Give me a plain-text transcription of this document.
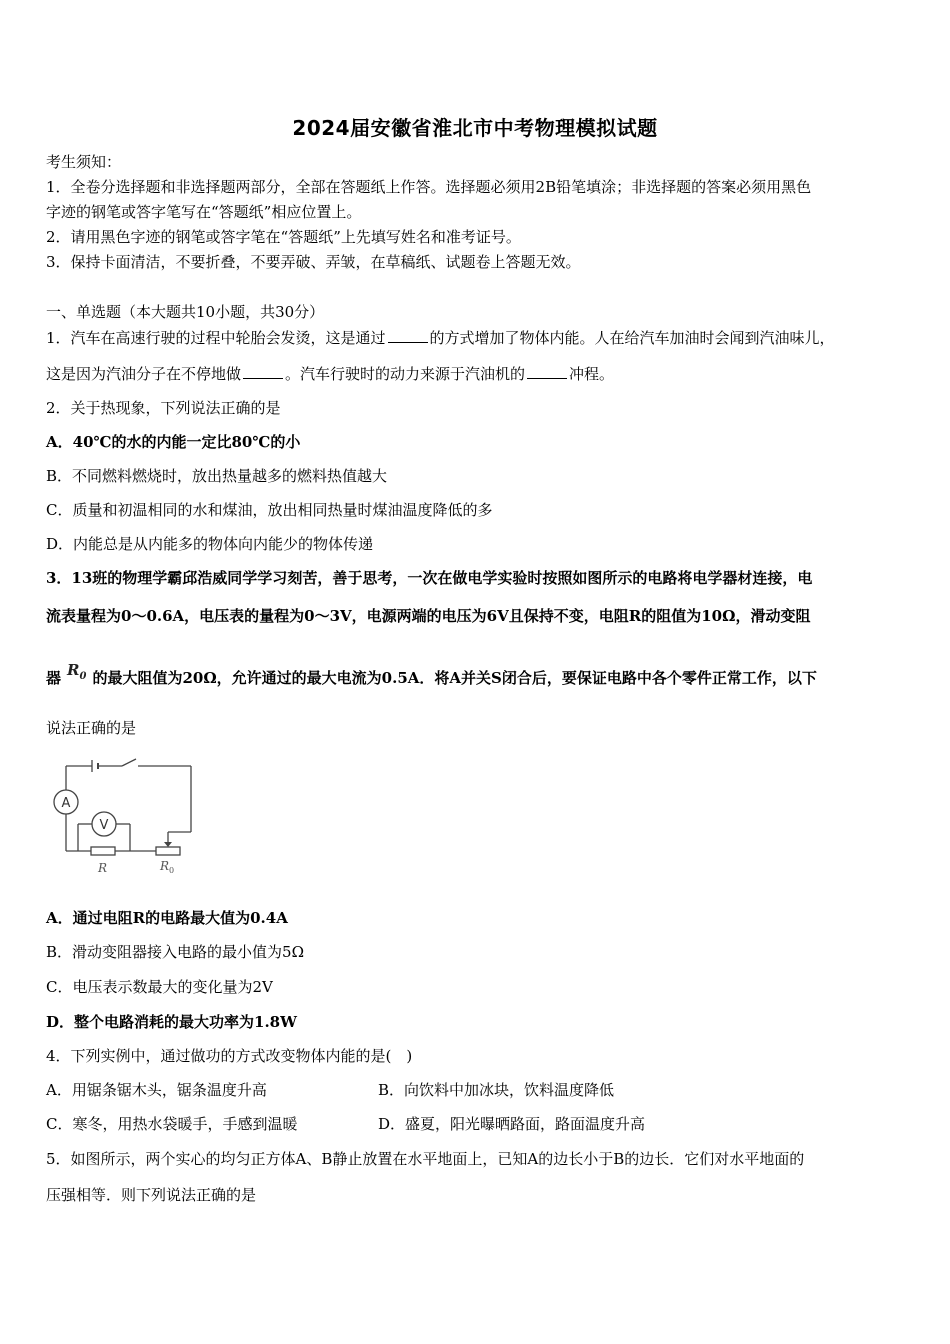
2024届安徽省淮北市中考物理模拟试题
考生须知：
1．全卷分选择题和非选择题两部分，全部在答题纸上作答。选择题必须用2B铅笔填涂；非选择题的答案必须用黑色
字迹的钢笔或答字笔写在“答题纸”相应位置上。
2．请用黑色字迹的钢笔或答字笔在“答题纸”上先填写姓名和准考证号。
3．保持卡面清洁，不要折叠，不要弄破、弄皱，在草稿纸、试题卷上答题无效。
一、单选题（本大题共10小题，共30分）
1．汽车在高速行驶的过程中轮胎会发烫，这是通过	的方式增加了物体内能。人在给汽车加油时会闻到汽油味儿，
这是因为汽油分子在不停地做	。汽车行驶时的动力来源于汽油机的	冲程。
2．关于热现象，下列说法正确的是
A．40℃的水的内能一定比80℃的小
B．不同燃料燃烧时，放出热量越多的燃料热值越大
C．质量和初温相同的水和煤油，放出相同热量时煤油温度降低的多
D．内能总是从内能多的物体向内能少的物体传递
3．13班的物理学霸邱浩威同学学习刻苦，善于思考，一次在做电学实验时按照如图所示的电路将电学器材连接，电
流表量程为0～0.6A，电压表的量程为0～3V，电源两端的电压为6V且保持不变，电阻R的阻值为10Ω，滑动变阻
器 $R_0$ 的最大阻值为20Ω，允许通过的最大电流为0.5A．将A并关S闭合后，要保证电路中各个零件正常工作，以下
说法正确的是
A
V
R	R 0
A．通过电阻R的电路最大值为0.4A
B．滑动变阻器接入电路的最小值为5Ω
C．电压表示数最大的变化量为2V
D．整个电路消耗的最大功率为1.8W
4．下列实例中，通过做功的方式改变物体内能的是(　)
A．用锯条锯木头，锯条温度升高	B．向饮料中加冰块，饮料温度降低
C．寒冬，用热水袋暖手，手感到温暖	D．盛夏，阳光曝晒路面，路面温度升高
5．如图所示，两个实心的均匀正方体A、B静止放置在水平地面上，已知A的边长小于B的边长．它们对水平地面的
压强相等．则下列说法正确的是
